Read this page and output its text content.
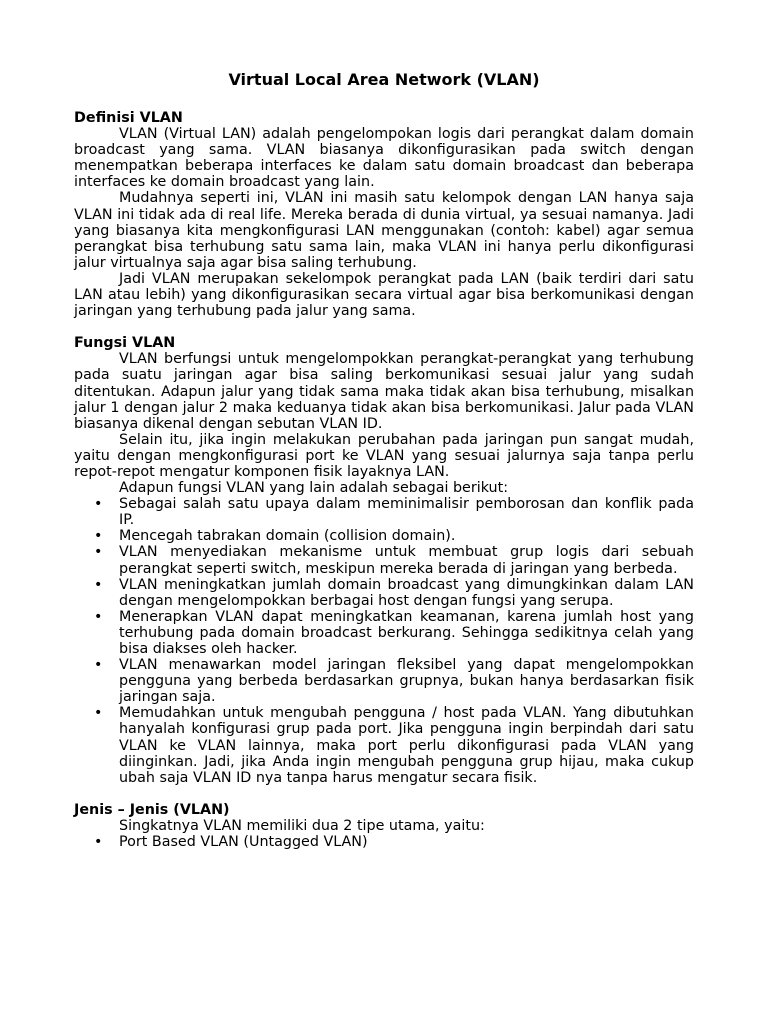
Virtual Local Area Network (VLAN)
Definisi VLAN

VLAN (Virtual LAN) adalah pengelompokan logis dari perangkat dalam domain broadcast yang sama. VLAN biasanya dikonfigurasikan pada switch dengan menempatkan beberapa interfaces ke dalam satu domain broadcast dan beberapa interfaces ke domain broadcast yang lain.

Mudahnya seperti ini, VLAN ini masih satu kelompok dengan LAN hanya saja VLAN ini tidak ada di real life. Mereka berada di dunia virtual, ya sesuai namanya. Jadi yang biasanya kita mengkonfigurasi LAN menggunakan (contoh: kabel) agar semua perangkat bisa terhubung satu sama lain, maka VLAN ini hanya perlu dikonfigurasi jalur virtualnya saja agar bisa saling terhubung.

Jadi VLAN merupakan sekelompok perangkat pada LAN (baik terdiri dari satu LAN atau lebih) yang dikonfigurasikan secara virtual agar bisa berkomunikasi dengan jaringan yang terhubung pada jalur yang sama.

Fungsi VLAN

VLAN berfungsi untuk mengelompokkan perangkat-perangkat yang terhubung pada suatu jaringan agar bisa saling berkomunikasi sesuai jalur yang sudah ditentukan. Adapun jalur yang tidak sama maka tidak akan bisa terhubung, misalkan jalur 1 dengan jalur 2 maka keduanya tidak akan bisa berkomunikasi. Jalur pada VLAN biasanya dikenal dengan sebutan VLAN ID.

Selain itu, jika ingin melakukan perubahan pada jaringan pun sangat mudah, yaitu dengan mengkonfigurasi port ke VLAN yang sesuai jalurnya saja tanpa perlu repot-repot mengatur komponen fisik layaknya LAN.

Adapun fungsi VLAN yang lain adalah sebagai berikut:

• Sebagai salah satu upaya dalam meminimalisir pemborosan dan konflik pada IP.
• Mencegah tabrakan domain (collision domain).
• VLAN menyediakan mekanisme untuk membuat grup logis dari sebuah perangkat seperti switch, meskipun mereka berada di jaringan yang berbeda.
• VLAN meningkatkan jumlah domain broadcast yang dimungkinkan dalam LAN dengan mengelompokkan berbagai host dengan fungsi yang serupa.
• Menerapkan VLAN dapat meningkatkan keamanan, karena jumlah host yang terhubung pada domain broadcast berkurang. Sehingga sedikitnya celah yang bisa diakses oleh hacker.
• VLAN menawarkan model jaringan fleksibel yang dapat mengelompokkan pengguna yang berbeda berdasarkan grupnya, bukan hanya berdasarkan fisik jaringan saja.
• Memudahkan untuk mengubah pengguna / host pada VLAN. Yang dibutuhkan hanyalah konfigurasi grup pada port. Jika pengguna ingin berpindah dari satu VLAN ke VLAN lainnya, maka port perlu dikonfigurasi pada VLAN yang diinginkan. Jadi, jika Anda ingin mengubah pengguna grup hijau, maka cukup ubah saja VLAN ID nya tanpa harus mengatur secara fisik.
Jenis – Jenis (VLAN)

Singkatnya VLAN memiliki dua 2 tipe utama, yaitu:

• Port Based VLAN (Untagged VLAN)
